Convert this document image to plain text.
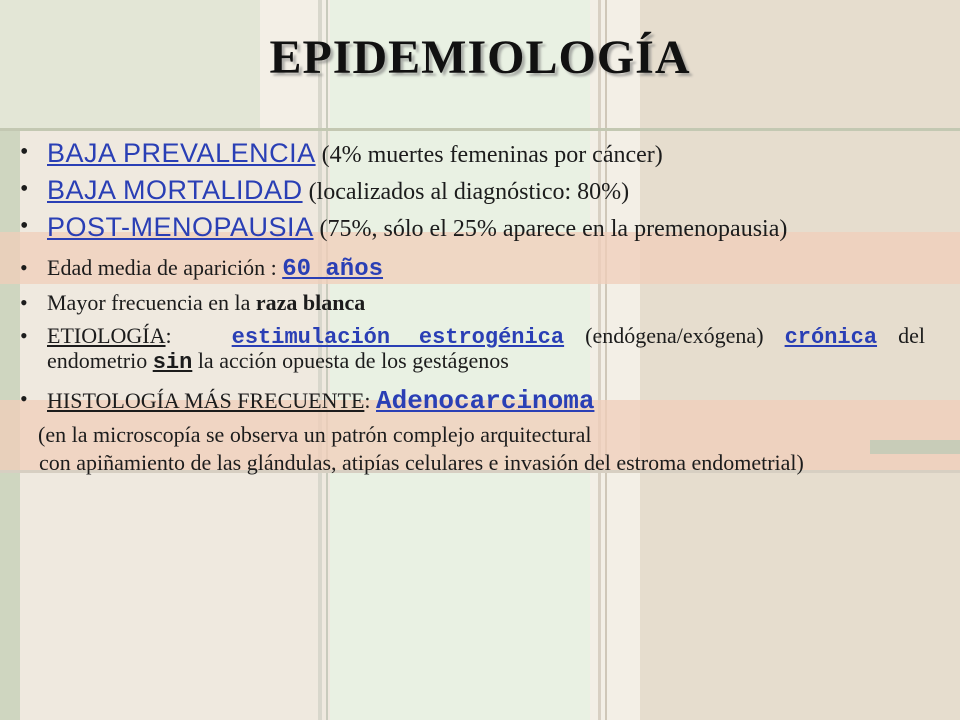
EPIDEMIOLOGÍA
• BAJA PREVALENCIA (4% muertes femeninas por cáncer)
• BAJA MORTALIDAD (localizados al diagnóstico: 80%)
• POST-MENOPAUSIA (75%, sólo el 25% aparece en la premenopausia)
• Edad media de aparición : 60 años
• Mayor frecuencia en la raza blanca
• ETIOLOGÍA:	estimulación estrogénica (endógena/exógena) crónica del endometrio sin la acción opuesta de los gestágenos
• HISTOLOGÍA MÁS FRECUENTE: Adenocarcinoma
(en la microscopía se observa un patrón complejo arquitectural
con apiñamiento de las glándulas, atipías celulares e invasión del estroma endometrial)
